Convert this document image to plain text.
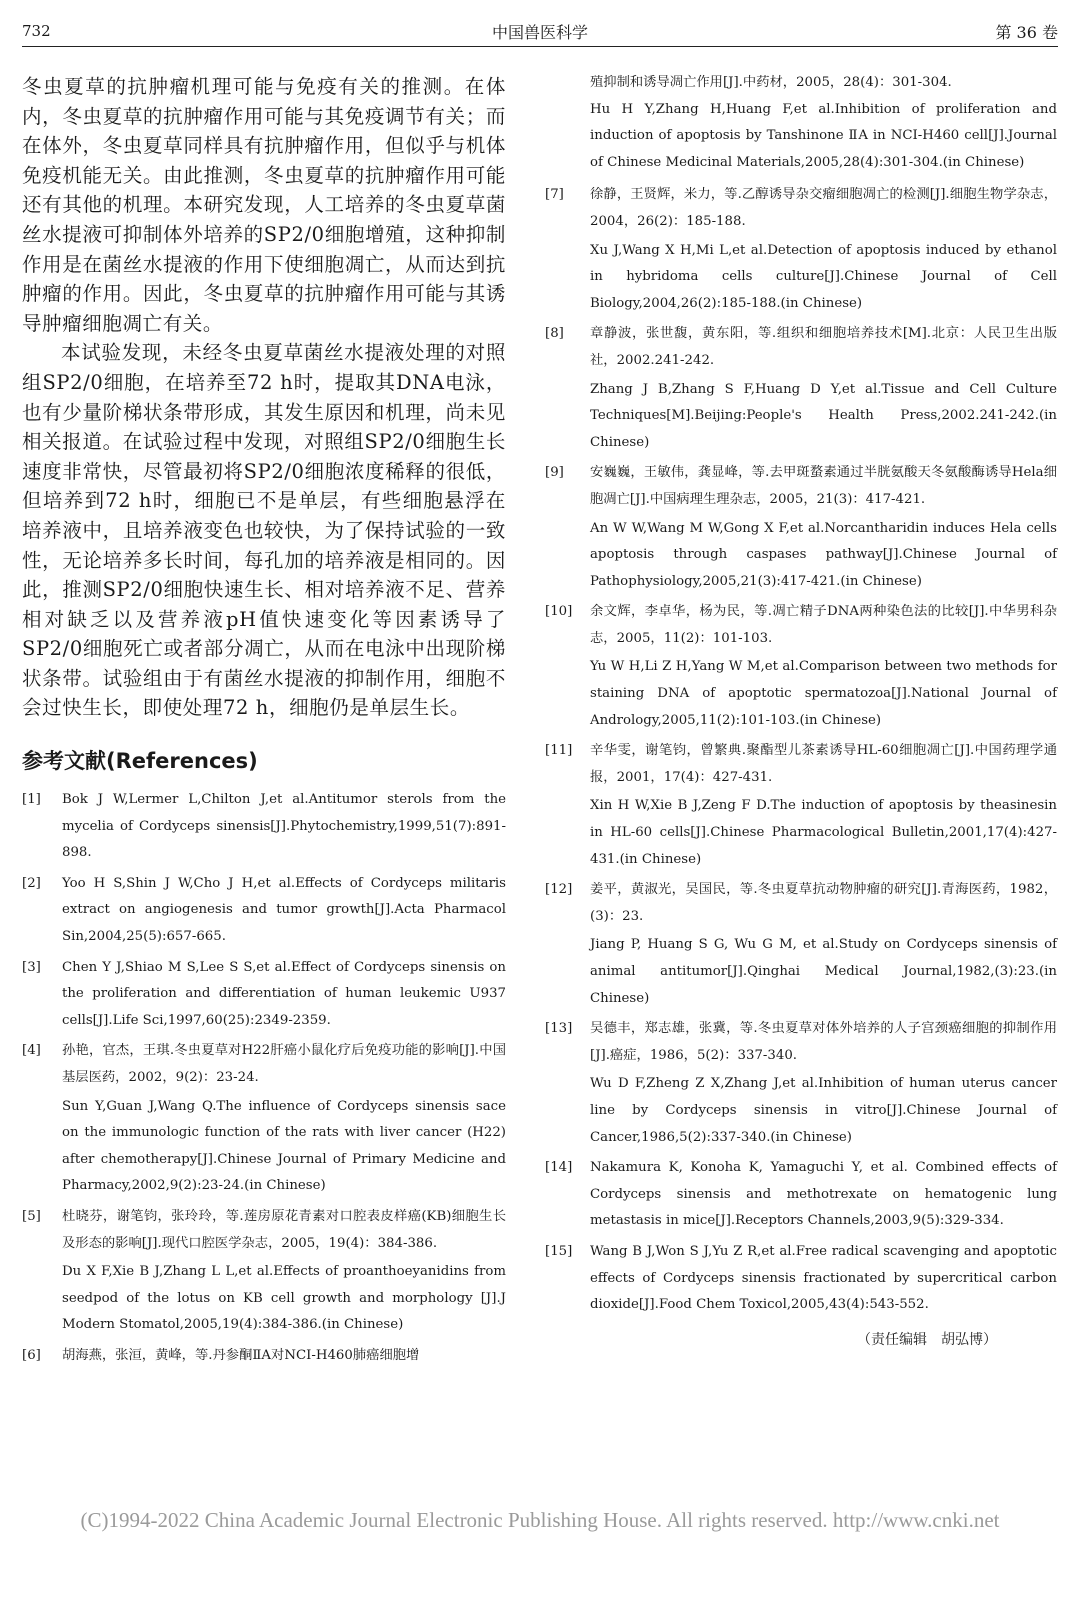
732	中国兽医科学	第 36 卷

冬虫夏草的抗肿瘤机理可能与免疫有关的推测。在体内，冬虫夏草的抗肿瘤作用可能与其免疫调节有关；而在体外，冬虫夏草同样具有抗肿瘤作用，但似乎与机体免疫机能无关。由此推测，冬虫夏草的抗肿瘤作用可能还有其他的机理。本研究发现，人工培养的冬虫夏草菌丝水提液可抑制体外培养的SP2/0细胞增殖，这种抑制作用是在菌丝水提液的作用下使细胞凋亡，从而达到抗肿瘤的作用。因此，冬虫夏草的抗肿瘤作用可能与其诱导肿瘤细胞凋亡有关。

本试验发现，未经冬虫夏草菌丝水提液处理的对照组SP2/0细胞，在培养至72 h时，提取其DNA电泳，也有少量阶梯状条带形成，其发生原因和机理，尚未见相关报道。在试验过程中发现，对照组SP2/0细胞生长速度非常快，尽管最初将SP2/0细胞浓度稀释的很低，但培养到72 h时，细胞已不是单层，有些细胞悬浮在培养液中，且培养液变色也较快，为了保持试验的一致性，无论培养多长时间，每孔加的培养液是相同的。因此，推测SP2/0细胞快速生长、相对培养液不足、营养相对缺乏以及营养液pH值快速变化等因素诱导了SP2/0细胞死亡或者部分凋亡，从而在电泳中出现阶梯状条带。试验组由于有菌丝水提液的抑制作用，细胞不会过快生长，即使处理72 h，细胞仍是单层生长。

参考文献(References)
[1]	Bok J W,Lermer L,Chilton J,et al.Antitumor sterols from the mycelia of Cordyceps sinensis[J].Phytochemistry,1999,51(7):891-898.

[2]	Yoo H S,Shin J W,Cho J H,et al.Effects of Cordyceps militaris extract on angiogenesis and tumor growth[J].Acta Pharmacol Sin,2004,25(5):657-665.

[3]	Chen Y J,Shiao M S,Lee S S,et al.Effect of Cordyceps sinensis on the proliferation and differentiation of human leukemic U937 cells[J].Life Sci,1997,60(25):2349-2359.

[4]	孙艳，官杰，王琪.冬虫夏草对H22肝癌小鼠化疗后免疫功能的影响[J].中国基层医药，2002，9(2)：23-24.

Sun Y,Guan J,Wang Q.The influence of Cordyceps sinensis sace on the immunologic function of the rats with liver cancer (H22) after chemotherapy[J].Chinese Journal of Primary Medicine and Pharmacy,2002,9(2):23-24.(in Chinese)

[5]	杜晓芬，谢笔钧，张玲玲，等.莲房原花青素对口腔表皮样癌(KB)细胞生长及形态的影响[J].现代口腔医学杂志，2005，19(4)：384-386.

Du X F,Xie B J,Zhang L L,et al.Effects of proanthoeyanidins from seedpod of the lotus on KB cell growth and morphology [J].J Modern Stomatol,2005,19(4):384-386.(in Chinese)

[6]	胡海燕，张洹，黄峰，等.丹参酮ⅡA对NCI-H460肺癌细胞增

殖抑制和诱导凋亡作用[J].中药材，2005，28(4)：301-304.

Hu H Y,Zhang H,Huang F,et al.Inhibition of proliferation and induction of apoptosis by Tanshinone ⅡA in NCI-H460 cell[J].Journal of Chinese Medicinal Materials,2005,28(4):301-304.(in Chinese)

[7]	徐静，王贤辉，米力，等.乙醇诱导杂交瘤细胞凋亡的检测[J].细胞生物学杂志，2004，26(2)：185-188.

Xu J,Wang X H,Mi L,et al.Detection of apoptosis induced by ethanol in hybridoma cells culture[J].Chinese Journal of Cell Biology,2004,26(2):185-188.(in Chinese)

[8]	章静波，张世馥，黄东阳，等.组织和细胞培养技术[M].北京：人民卫生出版社，2002.241-242.

Zhang J B,Zhang S F,Huang D Y,et al.Tissue and Cell Culture Techniques[M].Beijing:People's Health Press,2002.241-242.(in Chinese)

[9]	安巍巍，王敏伟，龚显峰，等.去甲斑蝥素通过半胱氨酸天冬氨酸酶诱导Hela细胞凋亡[J].中国病理生理杂志，2005，21(3)：417-421.

An W W,Wang M W,Gong X F,et al.Norcantharidin induces Hela cells apoptosis through caspases pathway[J].Chinese Journal of Pathophysiology,2005,21(3):417-421.(in Chinese)

[10]	余文辉，李卓华，杨为民，等.凋亡精子DNA两种染色法的比较[J].中华男科杂志，2005，11(2)：101-103.

Yu W H,Li Z H,Yang W M,et al.Comparison between two methods for staining DNA of apoptotic spermatozoa[J].National Journal of Andrology,2005,11(2):101-103.(in Chinese)

[11]	辛华雯，谢笔钧，曾繁典.聚酯型儿茶素诱导HL-60细胞凋亡[J].中国药理学通报，2001，17(4)：427-431.

Xin H W,Xie B J,Zeng F D.The induction of apoptosis by theasinesin in HL-60 cells[J].Chinese Pharmacological Bulletin,2001,17(4):427-431.(in Chinese)

[12]	姜平，黄淑光，吴国民，等.冬虫夏草抗动物肿瘤的研究[J].青海医药，1982，(3)：23.

Jiang P, Huang S G, Wu G M, et al.Study on Cordyceps sinensis of animal antitumor[J].Qinghai Medical Journal,1982,(3):23.(in Chinese)

[13]	吴德丰，郑志雄，张冀，等.冬虫夏草对体外培养的人子宫颈癌细胞的抑制作用[J].癌症，1986，5(2)：337-340.

Wu D F,Zheng Z X,Zhang J,et al.Inhibition of human uterus cancer line by Cordyceps sinensis in vitro[J].Chinese Journal of Cancer,1986,5(2):337-340.(in Chinese)

[14]	Nakamura K, Konoha K, Yamaguchi Y, et al. Combined effects of Cordyceps sinensis and methotrexate on hematogenic lung metastasis in mice[J].Receptors Channels,2003,9(5):329-334.

[15]	Wang B J,Won S J,Yu Z R,et al.Free radical scavenging and apoptotic effects of Cordyceps sinensis fractionated by supercritical carbon dioxide[J].Food Chem Toxicol,2005,43(4):543-552.

（责任编辑　胡弘博）
(C)1994-2022 China Academic Journal Electronic Publishing House. All rights reserved. http://www.cnki.net
